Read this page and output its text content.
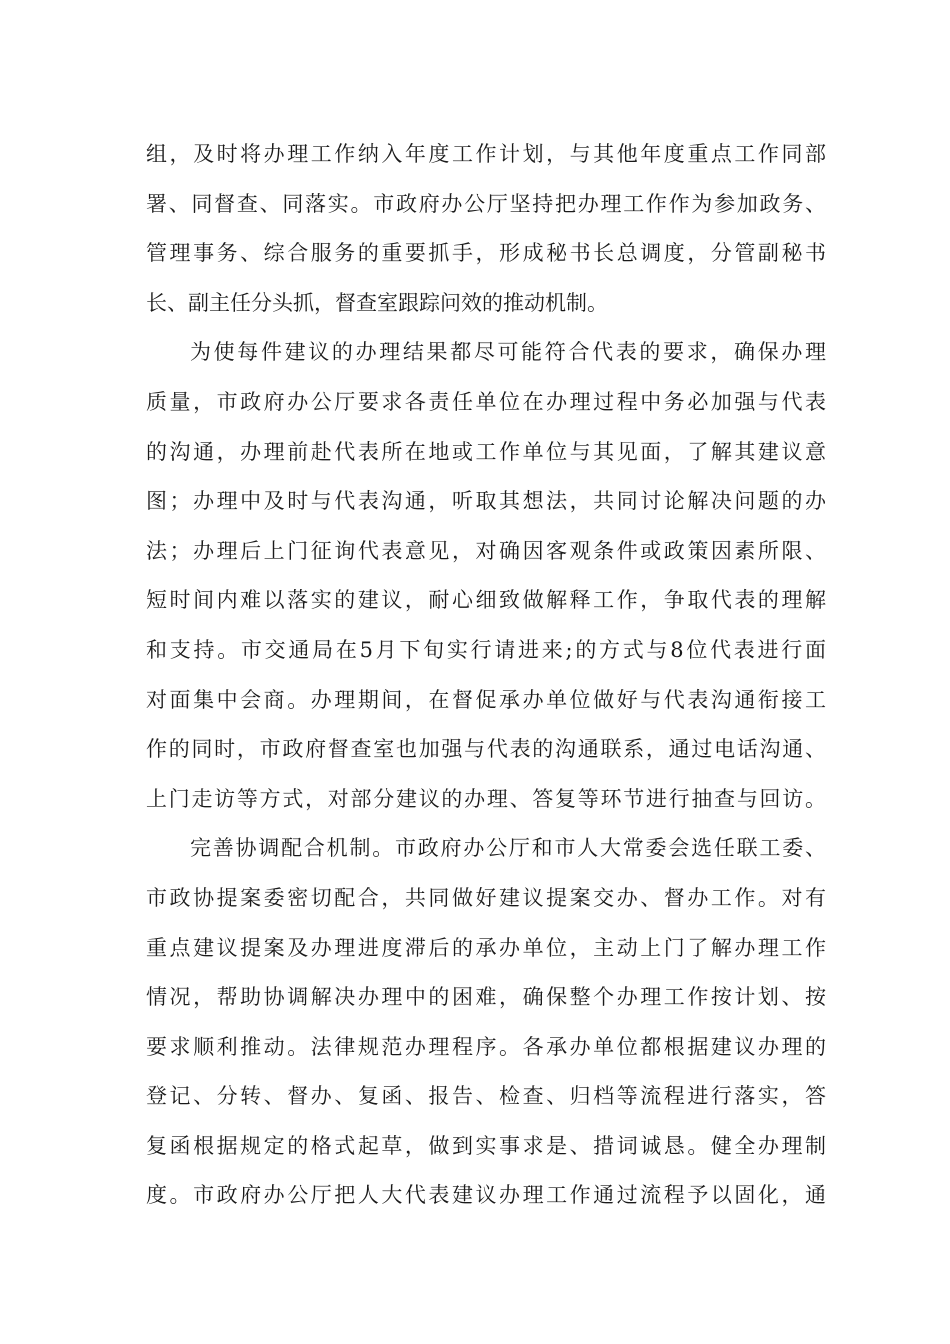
组，及时将办理工作纳入年度工作计划，与其他年度重点工作同部
署、同督查、同落实。市政府办公厅坚持把办理工作作为参加政务、
管理事务、综合服务的重要抓手，形成秘书长总调度，分管副秘书
长、副主任分头抓，督查室跟踪问效的推动机制。
为使每件建议的办理结果都尽可能符合代表的要求，确保办理
质量，市政府办公厅要求各责任单位在办理过程中务必加强与代表
的沟通，办理前赴代表所在地或工作单位与其见面，了解其建议意
图；办理中及时与代表沟通，听取其想法，共同讨论解决问题的办
法；办理后上门征询代表意见，对确因客观条件或政策因素所限、
短时间内难以落实的建议，耐心细致做解释工作，争取代表的理解
和支持。市交通局在5月下旬实行请进来;的方式与8位代表进行面
对面集中会商。办理期间，在督促承办单位做好与代表沟通衔接工
作的同时，市政府督查室也加强与代表的沟通联系，通过电话沟通、
上门走访等方式，对部分建议的办理、答复等环节进行抽查与回访。
完善协调配合机制。市政府办公厅和市人大常委会选任联工委、
市政协提案委密切配合，共同做好建议提案交办、督办工作。对有
重点建议提案及办理进度滞后的承办单位，主动上门了解办理工作
情况，帮助协调解决办理中的困难，确保整个办理工作按计划、按
要求顺利推动。法律规范办理程序。各承办单位都根据建议办理的
登记、分转、督办、复函、报告、检查、归档等流程进行落实，答
复函根据规定的格式起草，做到实事求是、措词诚恳。健全办理制
度。市政府办公厅把人大代表建议办理工作通过流程予以固化，通
